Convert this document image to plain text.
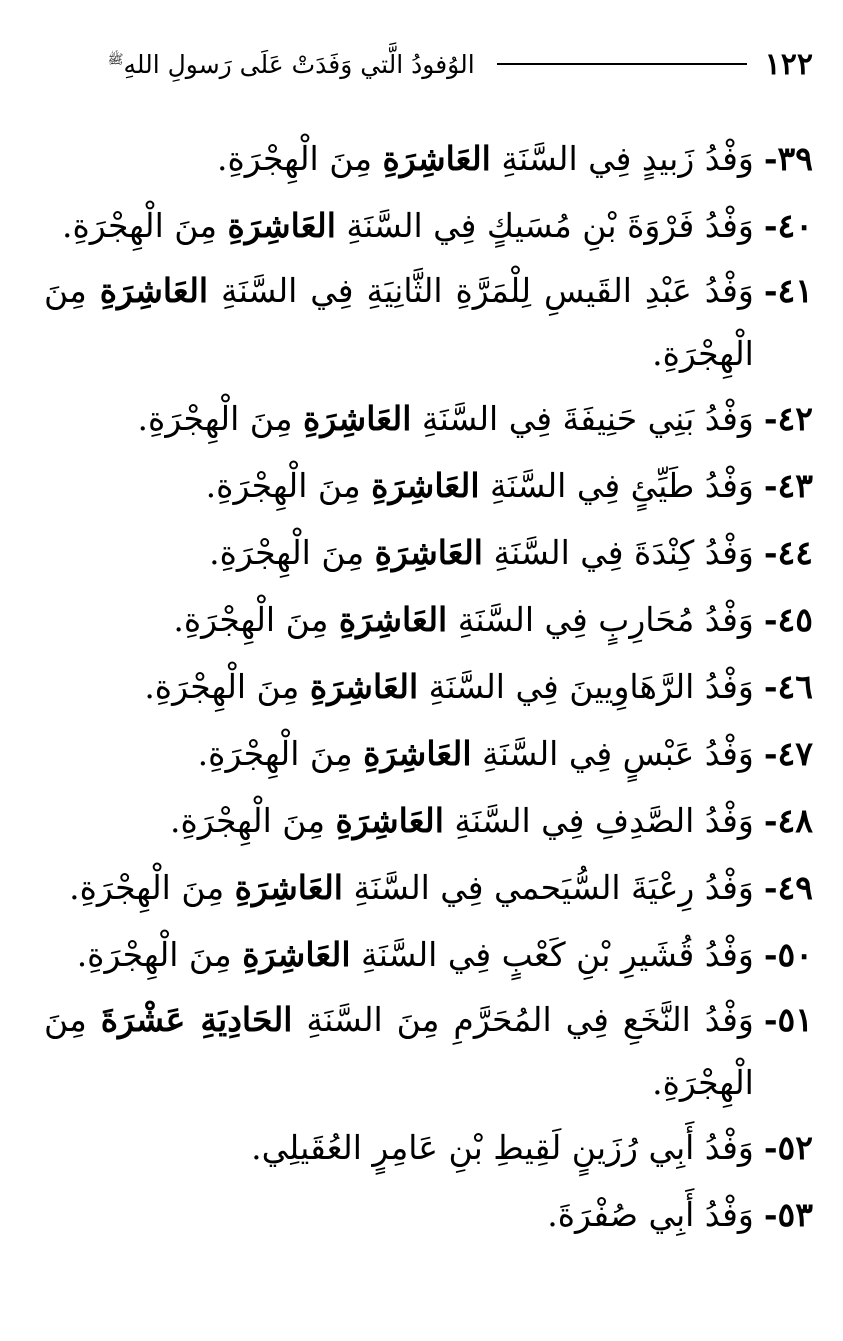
١٢٢
الوُفودُ الَّتي وَفَدَتْ عَلَى رَسولِ اللهِ$^ﷺ$
٣٩-
وَفْدُ زَبيدٍ فِي السَّنَةِ العَاشِرَةِ مِنَ الْهِجْرَةِ.
٤٠-
وَفْدُ فَرْوَةَ بْنِ مُسَيكٍ فِي السَّنَةِ العَاشِرَةِ مِنَ الْهِجْرَةِ.
٤١-
وَفْدُ عَبْدِ القَيسِ لِلْمَرَّةِ الثَّانِيَةِ فِي السَّنَةِ العَاشِرَةِ مِنَ الْهِجْرَةِ.
٤٢-
وَفْدُ بَنِي حَنِيفَةَ فِي السَّنَةِ العَاشِرَةِ مِنَ الْهِجْرَةِ.
٤٣-
وَفْدُ طَيِّئٍ فِي السَّنَةِ العَاشِرَةِ مِنَ الْهِجْرَةِ.
٤٤-
وَفْدُ كِنْدَةَ فِي السَّنَةِ العَاشِرَةِ مِنَ الْهِجْرَةِ.
٤٥-
وَفْدُ مُحَارِبٍ فِي السَّنَةِ العَاشِرَةِ مِنَ الْهِجْرَةِ.
٤٦-
وَفْدُ الرَّهَاوِيينَ فِي السَّنَةِ العَاشِرَةِ مِنَ الْهِجْرَةِ.
٤٧-
وَفْدُ عَبْسٍ فِي السَّنَةِ العَاشِرَةِ مِنَ الْهِجْرَةِ.
٤٨-
وَفْدُ الصَّدِفِ فِي السَّنَةِ العَاشِرَةِ مِنَ الْهِجْرَةِ.
٤٩-
وَفْدُ رِعْيَةَ السُّيَحمي فِي السَّنَةِ العَاشِرَةِ مِنَ الْهِجْرَةِ.
٥٠-
وَفْدُ قُشَيرِ بْنِ كَعْبٍ فِي السَّنَةِ العَاشِرَةِ مِنَ الْهِجْرَةِ.
٥١-
وَفْدُ النَّخَعِ فِي المُحَرَّمِ مِنَ السَّنَةِ الحَادِيَةِ عَشْرَةَ مِنَ الْهِجْرَةِ.
٥٢-
وَفْدُ أَبِي رُزَينٍ لَقِيطِ بْنِ عَامِرٍ العُقَيلِي.
٥٣-
وَفْدُ أَبِي صُفْرَةَ.
